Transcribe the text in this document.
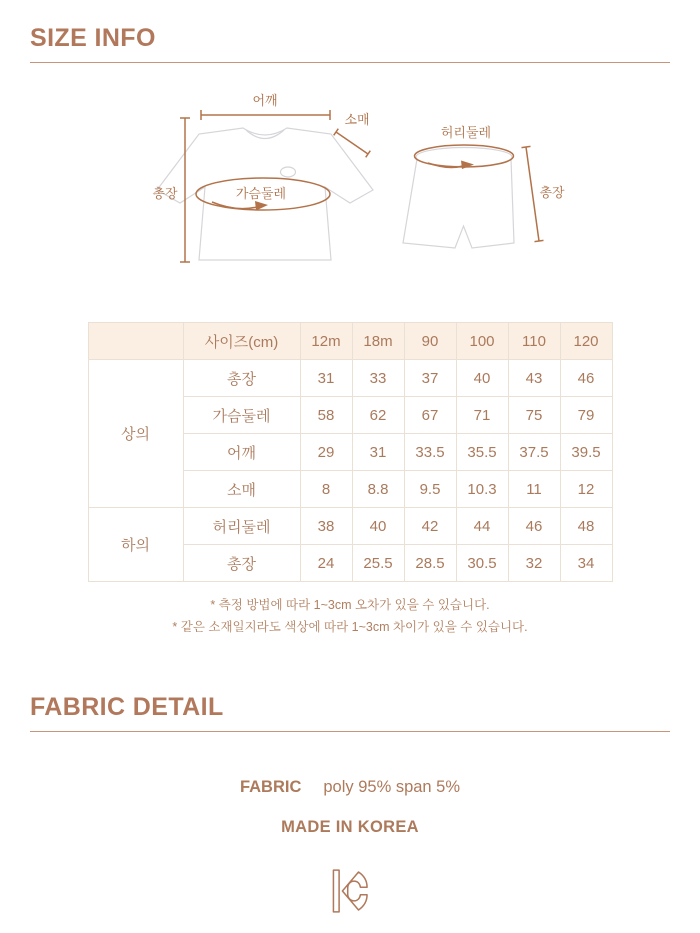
SIZE INFO
어깨
소매
가슴둘레
총장
허리둘레
총장
	사이즈(cm)	12m	18m	90	100	110	120
상의	총장	31	33	37	40	43	46
	가슴둘레	58	62	67	71	75	79
	어깨	29	31	33.5	35.5	37.5	39.5
	소매	8	8.8	9.5	10.3	11	12
하의	허리둘레	38	40	42	44	46	48
	총장	24	25.5	28.5	30.5	32	34
* 측정 방법에 따라 1~3cm 오차가 있을 수 있습니다.
* 같은 소재일지라도 색상에 따라 1~3cm 차이가 있을 수 있습니다.
FABRIC DETAIL
FABRIC poly 95% span 5%
MADE IN KOREA
